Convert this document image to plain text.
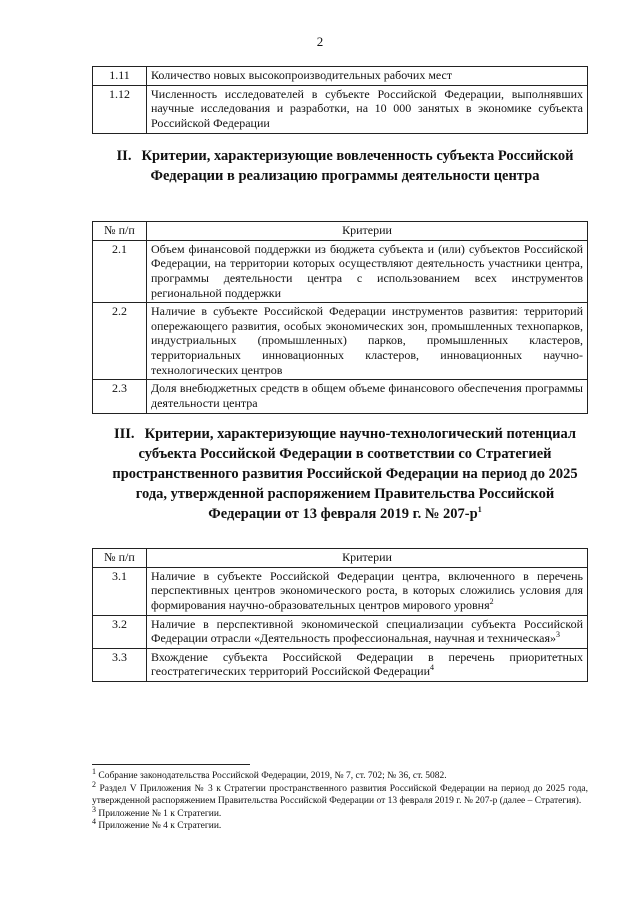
2
1.11	Количество новых высокопроизводительных рабочих мест
1.12	Численность исследователей в субъекте Российской Федерации, выполнявших научные исследования и разработки, на 10 000 занятых в экономике субъекта Российской Федерации
II. Критерии, характеризующие вовлеченность субъекта Российской Федерации в реализацию программы деятельности центра
№ п/п	Критерии
2.1	Объем финансовой поддержки из бюджета субъекта и (или) субъектов Российской Федерации, на территории которых осуществляют деятельность участники центра, программы деятельности центра с использованием всех инструментов региональной поддержки
2.2	Наличие в субъекте Российской Федерации инструментов развития: территорий опережающего развития, особых экономических зон, промышленных технопарков, индустриальных (промышленных) парков, промышленных кластеров, территориальных инновационных кластеров, инновационных научно-технологических центров
2.3	Доля внебюджетных средств в общем объеме финансового обеспечения программы деятельности центра
III. Критерии, характеризующие научно-технологический потенциал субъекта Российской Федерации в соответствии со Стратегией пространственного развития Российской Федерации на период до 2025 года, утвержденной распоряжением Правительства Российской Федерации от 13 февраля 2019 г. № $207-р^1$
№ п/п	Критерии
3.1	Наличие в субъекте Российской Федерации центра, включенного в перечень перспективных центров экономического роста, в которых сложились условия для формирования научно-образовательных центров мирового уровня$^2$
3.2	Наличие в перспективной экономической специализации субъекта Российской Федерации отрасли «Деятельность профессиональная, научная и техническая»$^3$
3.3	Вхождение субъекта Российской Федерации в перечень приоритетных геостратегических территорий Российской Федерации$^4$

$^1$ Собрание законодательства Российской Федерации, 2019, № 7, ст. 702; № 36, ст. 5082.

$^2$ Раздел V Приложения № 3 к Стратегии пространственного развития Российской Федерации на период до 2025 года, утвержденной распоряжением Правительства Российской Федерации от 13 февраля 2019 г. № 207-р (далее – Стратегия).

$^3$ Приложение № 1 к Стратегии.

$^4$ Приложение № 4 к Стратегии.
